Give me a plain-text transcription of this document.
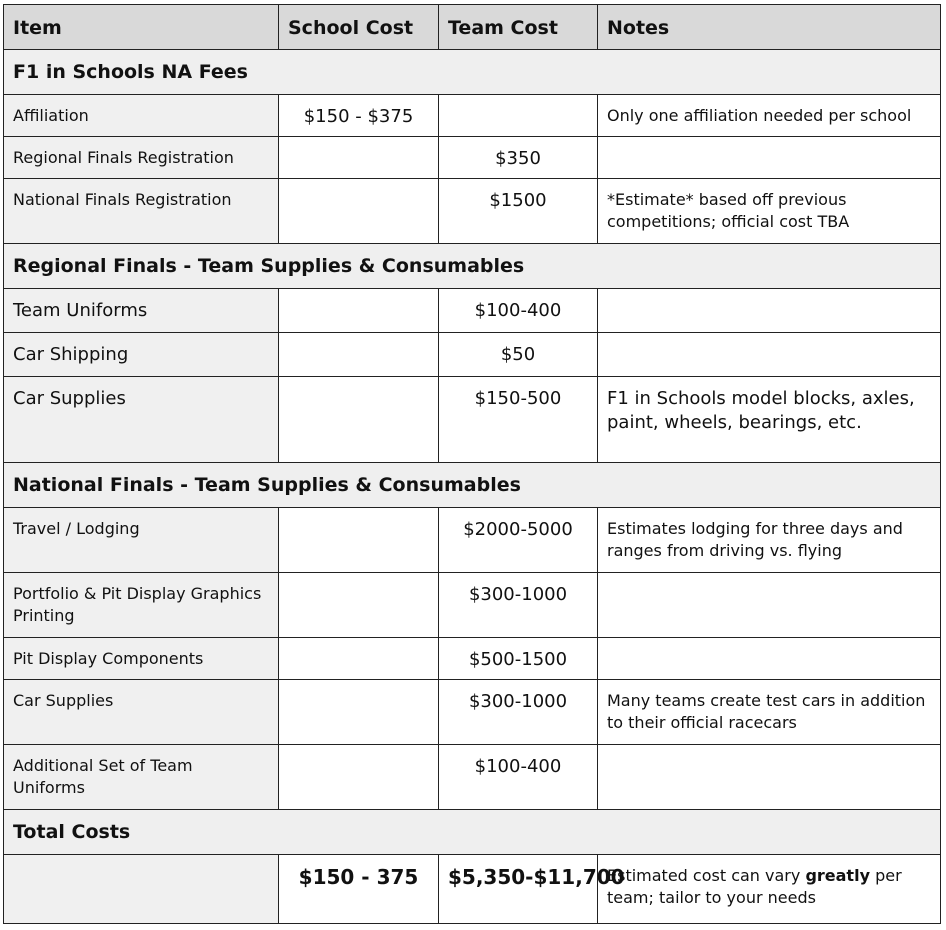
Item	School Cost	Team Cost	Notes
F1 in Schools NA Fees			
Affiliation	$150 - $375		Only one affiliation needed per school
Regional Finals Registration		$350	
National Finals Registration		$1500	*Estimate* based off previous competitions; official cost TBA
Regional Finals - Team Supplies & Consumables			
Team Uniforms		$100-400	
Car Shipping		$50	
Car Supplies		$150-500	F1 in Schools model blocks, axles, paint, wheels, bearings, etc.
National Finals - Team Supplies & Consumables			
Travel / Lodging		$2000-5000	Estimates lodging for three days and ranges from driving vs. flying
Portfolio & Pit Display Graphics Printing		$300-1000	
Pit Display Components		$500-1500	
Car Supplies		$300-1000	Many teams create test cars in addition to their official racecars
Additional Set of Team Uniforms		$100-400	
Total Costs			
	$150 - 375	$5,350-$11,700	Estimated cost can vary greatly per team; tailor to your needs
